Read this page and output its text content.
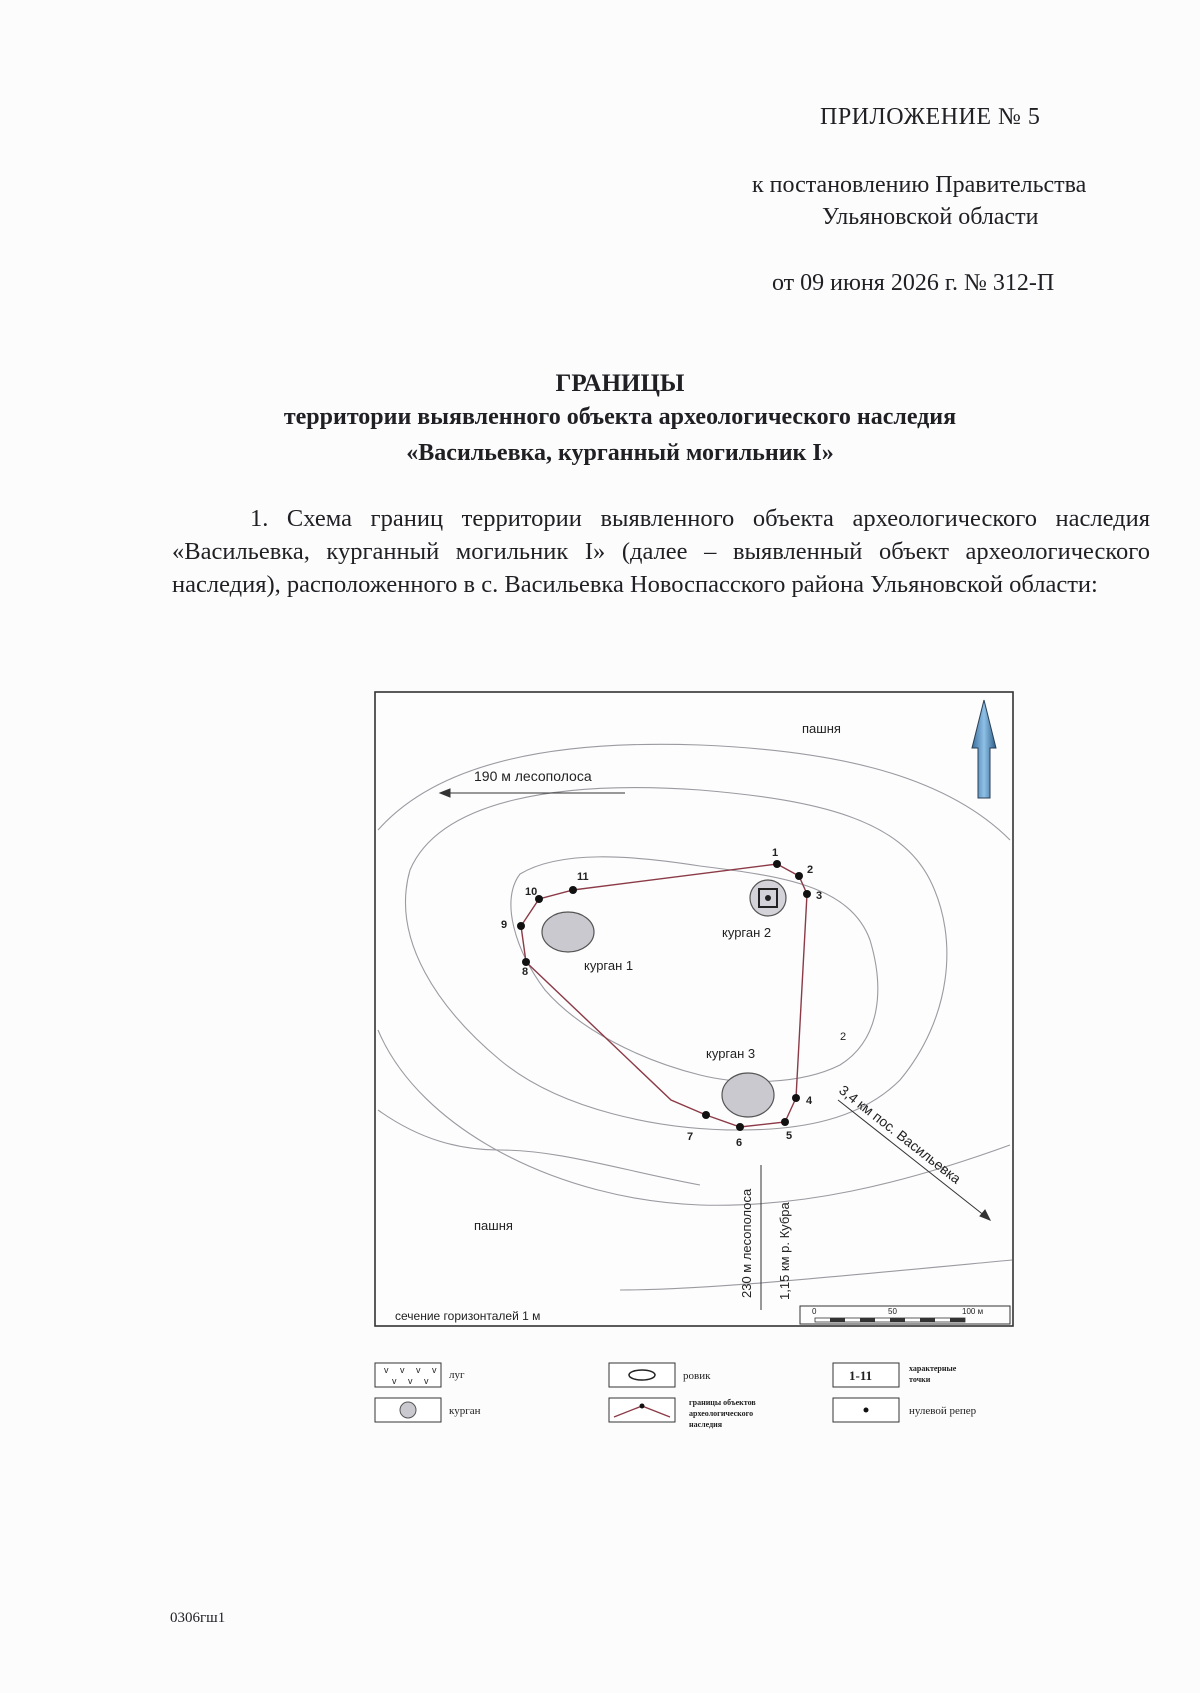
ПРИЛОЖЕНИЕ № 5
к постановлению Правительства
Ульяновской области
от 09 июня 2026 г. № 312-П
ГРАНИЦЫ
территории выявленного объекта археологического наследия
«Васильевка, курганный могильник I»
1. Схема границ территории выявленного объекта археологического наследия «Васильевка, курганный могильник I» (далее – выявленный объект археологического наследия), расположенного в с. Васильевка Новоспасского района Ульяновской области:
2
пашня
190 м лесополоса
пашня	230 м лесополоса 1,15 км р. Кубра
3,4 км пос. Васильевка
сечение горизонталей 1 м	0	50	100 м
курган 1
курган 2
курган 3
1
2
3
4
5
6
7
8
9
10
11
v v v v
v v v луг
курган
ровик
границы объектов
археологического
наследия
1-11	характерные
точки
нулевой репер
0306гш1
